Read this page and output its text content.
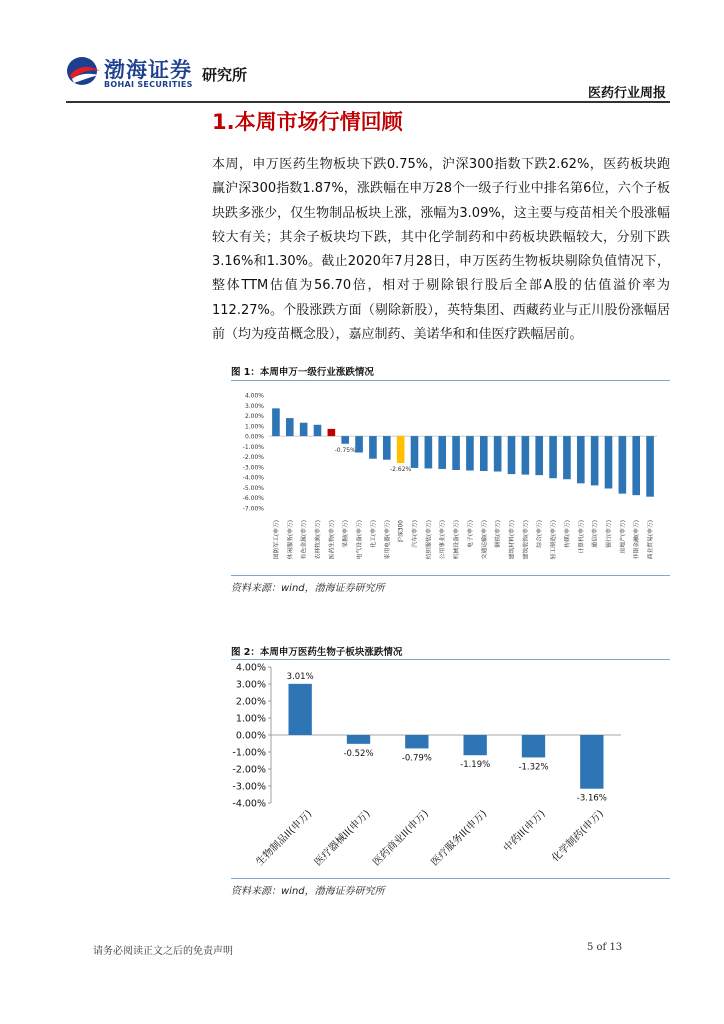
渤海证券
BOHAI SECURITIES
研究所
医药行业周报
1.本周市场行情回顾
本周，申万医药生物板块下跌0.75%，沪深300指数下跌2.62%，医药板块跑赢沪深300指数1.87%，涨跌幅在申万28个一级子行业中排名第6位，六个子板块跌多涨少，仅生物制品板块上涨，涨幅为3.09%，这主要与疫苗相关个股涨幅较大有关；其余子板块均下跌，其中化学制药和中药板块跌幅较大，分别下跌3.16%和1.30%。截止2020年7月28日，申万医药生物板块剔除负值情况下，整体TTM估值为56.70倍，相对于剔除银行股后全部A股的估值溢价率为112.27%。个股涨跌方面（剔除新股），英特集团、西藏药业与正川股份涨幅居前（均为疫苗概念股），嘉应制药、美诺华和和佳医疗跌幅居前。
图 1：本周申万一级行业涨跌情况
4.00%
3.00%
2.00%
1.00%
0.00%
-1.00%
-2.00%
-3.00%
-4.00%
-5.00%
-6.00%
-7.00%
国防军工(申万)	休闲服务(申万)	有色金属(申万)	农林牧渔(申万)	医药生物(申万)	采掘(申万)	电气设备(申万)	化工(申万)	家用电器(申万)	沪深300	汽车(申万)	纺织服装(申万)	公用事业(申万)	机械设备(申万)	电子(申万)	交通运输(申万)	钢铁(申万)	建筑材料(申万)	建筑装饰(申万)	综合(申万)	轻工制造(申万)	传媒(申万)	计算机(申万)	通信(申万)	银行(申万)	房地产(申万)	非银金融(申万)	商业贸易(申万)
-0.75%
-2.62%
资料来源：wind，渤海证券研究所
图 2：本周申万医药生物子板块涨跌情况
4.00%
3.00%
2.00%
1.00%
0.00%
-1.00%
-2.00%
-3.00%
-4.00%
3.01%
生物制品II(申万)
-0.52%
医疗器械II(申万)
-0.79%
医药商业II(申万)
-1.19%
医疗服务II(申万)
-1.32%
中药II(申万)
-3.16%
化学制药(申万)
资料来源：wind，渤海证券研究所
请务必阅读正文之后的免责声明	5 of 13
